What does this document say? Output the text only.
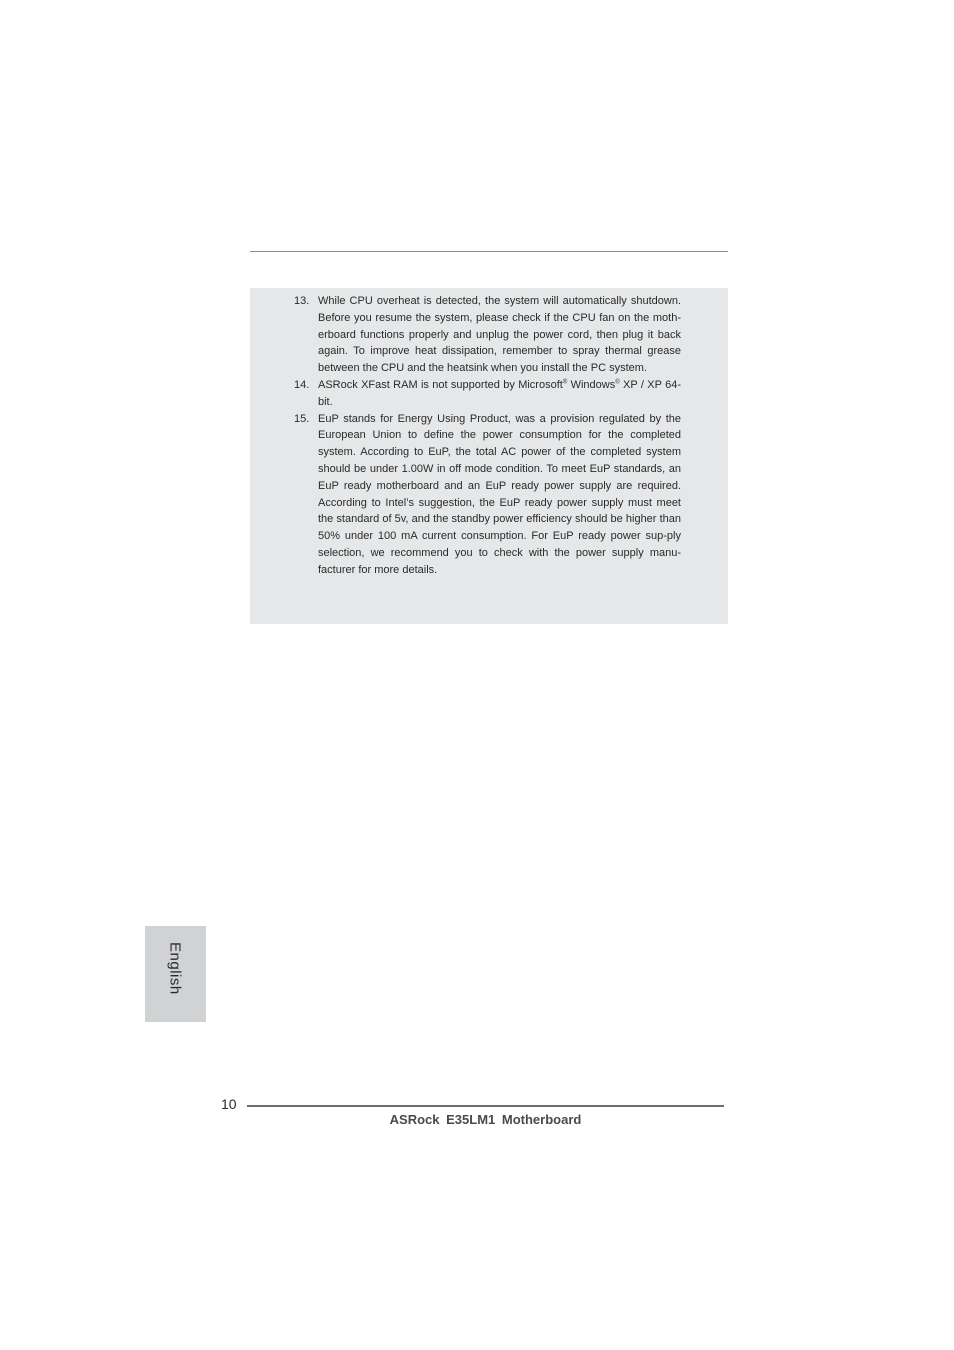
13. While CPU overheat is detected, the system will automatically shutdown. Before you resume the system, please check if the CPU fan on the moth-erboard functions properly and unplug the power cord, then plug it back again. To improve heat dissipation, remember to spray thermal grease between the CPU and the heatsink when you install the PC system.
14. ASRock XFast RAM is not supported by Microsoft® Windows® XP / XP 64-bit.
15. EuP stands for Energy Using Product, was a provision regulated by the European Union to define the power consumption for the completed system. According to EuP, the total AC power of the completed system should be under 1.00W in off mode condition. To meet EuP standards, an EuP ready motherboard and an EuP ready power supply are required. According to Intel’s suggestion, the EuP ready power supply must meet the standard of 5v, and the standby power efficiency should be higher than 50% under 100 mA current consumption. For EuP ready power sup-ply selection, we recommend you to check with the power supply manu-facturer for more details.
English
10
ASRock E35LM1 Motherboard
